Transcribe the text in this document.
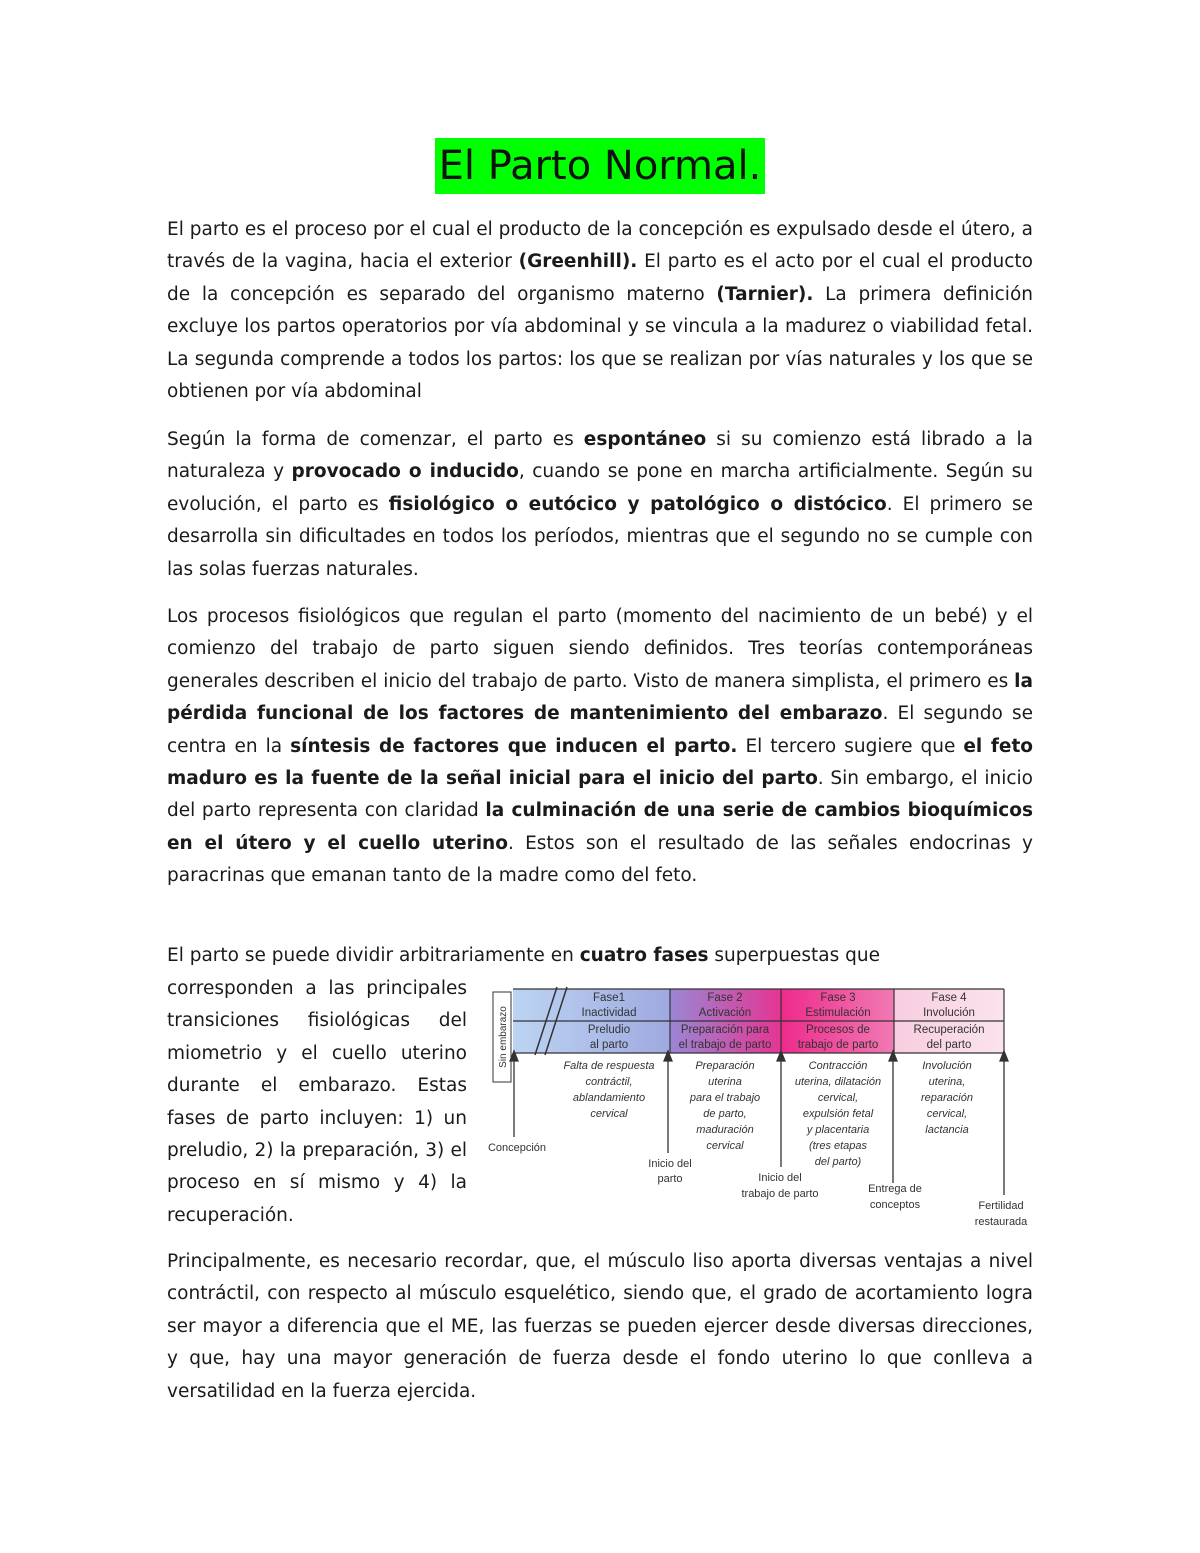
El Parto Normal.

El parto es el proceso por el cual el producto de la concepción es expulsado desde el útero, a través de la vagina, hacia el exterior (Greenhill). El parto es el acto por el cual el producto de la concepción es separado del organismo materno (Tarnier). La primera definición excluye los partos operatorios por vía abdominal y se vincula a la madurez o viabilidad fetal. La segunda comprende a todos los partos: los que se realizan por vías naturales y los que se obtienen por vía abdominal

Según la forma de comenzar, el parto es espontáneo si su comienzo está librado a la naturaleza y provocado o inducido, cuando se pone en marcha artificialmente. Según su evolución, el parto es fisiológico o eutócico y patológico o distócico. El primero se desarrolla sin dificultades en todos los períodos, mientras que el segundo no se cumple con las solas fuerzas naturales.

Los procesos fisiológicos que regulan el parto (momento del nacimiento de un bebé) y el comienzo del trabajo de parto siguen siendo definidos. Tres teorías contemporáneas generales describen el inicio del trabajo de parto. Visto de manera simplista, el primero es la pérdida funcional de los factores de mantenimiento del embarazo. El segundo se centra en la síntesis de factores que inducen el parto. El tercero sugiere que el feto maduro es la fuente de la señal inicial para el inicio del parto. Sin embargo, el inicio del parto representa con claridad la culminación de una serie de cambios bioquímicos en el útero y el cuello uterino. Estos son el resultado de las señales endocrinas y paracrinas que emanan tanto de la madre como del feto.

El parto se puede dividir arbitrariamente en cuatro fases superpuestas que

corresponden a las principales transiciones fisiológicas del miometrio y el cuello uterino durante el embarazo. Estas fases de parto incluyen: 1) un preludio, 2) la preparación, 3) el proceso en sí mismo y 4) la recuperación.

Sin embarazo
Fase1
Inactividad
Preludio
al parto
Fase 2
Activación
Preparación para
el trabajo de parto
Fase 3
Estimulación
Procesos de
trabajo de parto
Fase 4
Involución
Recuperación
del parto
Falta de respuesta
contráctil,
ablandamiento
cervical
Preparación
uterina
para el trabajo
de parto,
maduración
cervical
Contracción
uterina, dilatación
cervical,
expulsión fetal
y placentaria
(tres etapas
del parto)
Involución
uterina,
reparación
cervical,
lactancia
Concepción
Inicio del
parto	Inicio del
trabajo de parto	Entrega de
conceptos	Fertilidad
restaurada

Principalmente, es necesario recordar, que, el músculo liso aporta diversas ventajas a nivel contráctil, con respecto al músculo esquelético, siendo que, el grado de acortamiento logra ser mayor a diferencia que el ME, las fuerzas se pueden ejercer desde diversas direcciones, y que, hay una mayor generación de fuerza desde el fondo uterino lo que conlleva a versatilidad en la fuerza ejercida.
